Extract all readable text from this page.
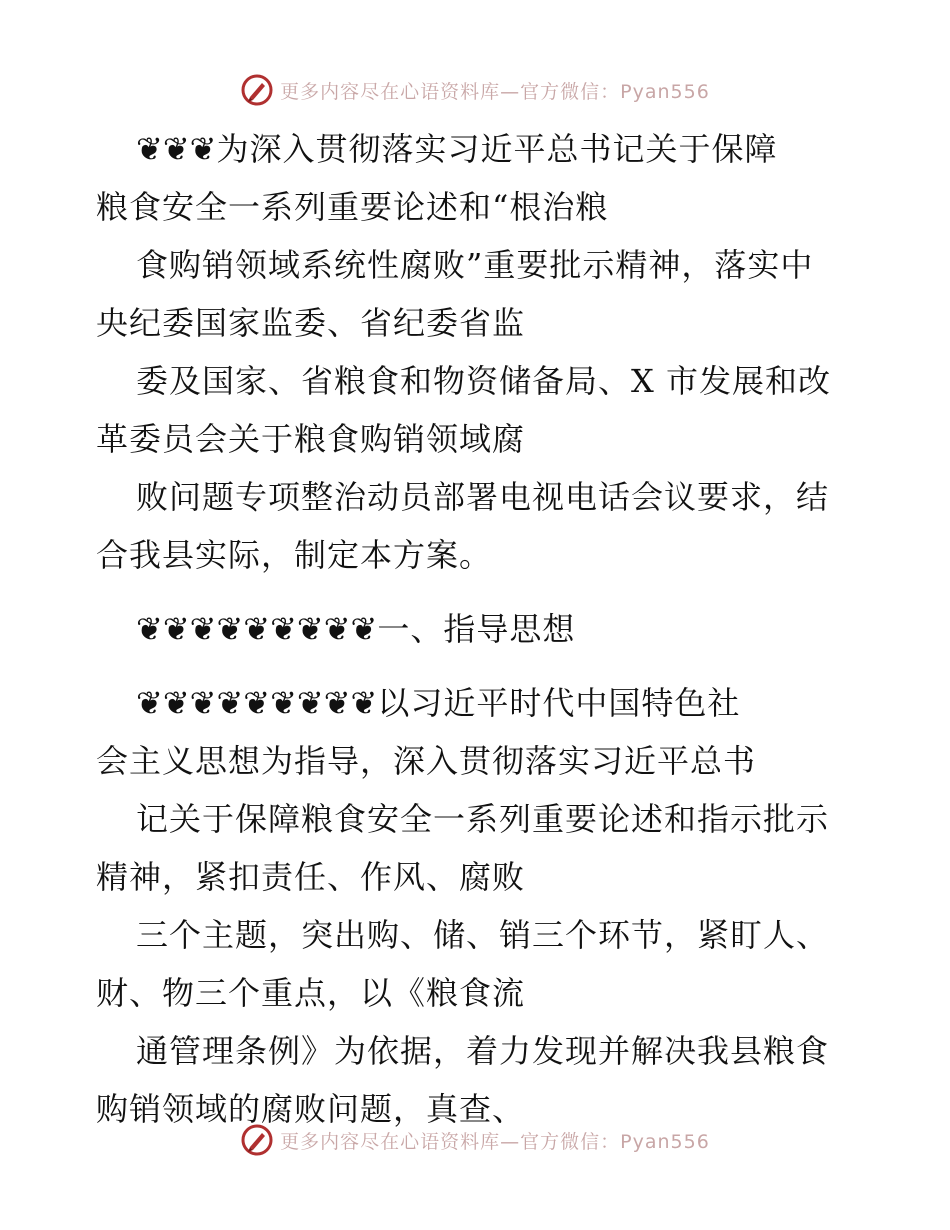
更多内容尽在心语资料库—官方微信：Pyan556
❦❦❦为深入贯彻落实习近平总书记关于保障
粮食安全一系列重要论述和“根治粮
食购销领域系统性腐败”重要批示精神，落实中
央纪委国家监委、省纪委省监
委及国家、省粮食和物资储备局、X 市发展和改
革委员会关于粮食购销领域腐
败问题专项整治动员部署电视电话会议要求，结
合我县实际，制定本方案。
❦❦❦❦❦❦❦❦❦一、指导思想
❦❦❦❦❦❦❦❦❦以习近平时代中国特色社
会主义思想为指导，深入贯彻落实习近平总书
记关于保障粮食安全一系列重要论述和指示批示
精神，紧扣责任、作风、腐败
三个主题，突出购、储、销三个环节，紧盯人、
财、物三个重点，以《粮食流
通管理条例》为依据，着力发现并解决我县粮食
购销领域的腐败问题，真查、
更多内容尽在心语资料库—官方微信：Pyan556
